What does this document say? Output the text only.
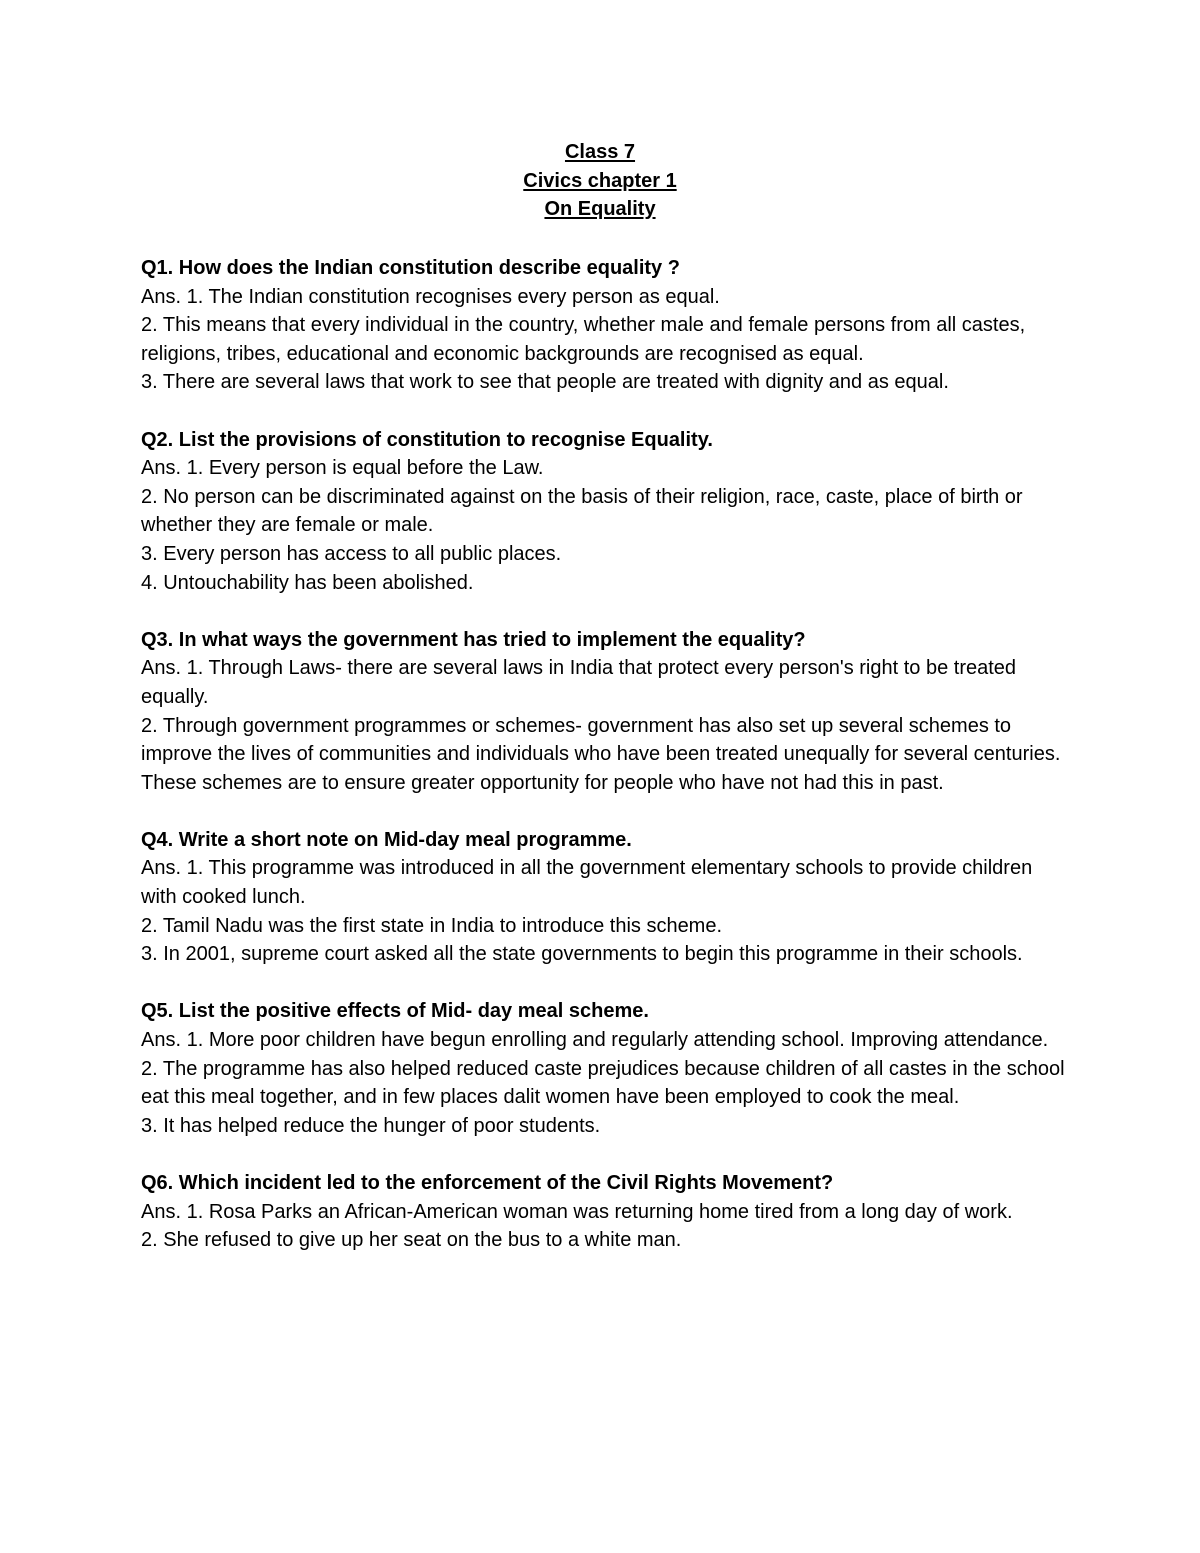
Class 7
Civics chapter 1
On Equality

Q1. How does the Indian constitution describe equality ?

Ans. 1. The Indian constitution recognises every person as equal.

2. This means that every individual in the country, whether male and female persons from all castes, religions, tribes, educational and economic backgrounds are recognised as equal.

3. There are several laws that work to see that people are treated with dignity and as equal.

Q2. List the provisions of constitution to recognise Equality.

Ans. 1. Every person is equal before the Law.

2. No person can be discriminated against on the basis of their religion, race, caste, place of birth or whether they are female or male.

3. Every person has access to all public places.

4. Untouchability has been abolished.

Q3. In what ways the government has tried to implement the equality?

Ans. 1. Through Laws- there are several laws in India that protect every person's right to be treated equally.

2. Through government programmes or schemes- government has also set up several schemes to improve the lives of communities and individuals who have been treated unequally for several centuries. These schemes are to ensure greater opportunity for people who have not had this in past.

Q4. Write a short note on Mid-day meal programme.

Ans. 1. This programme was introduced in all the government elementary schools to provide children with cooked lunch.

2. Tamil Nadu was the first state in India to introduce this scheme.

3. In 2001, supreme court asked all the state governments to begin this programme in their schools.

Q5. List the positive effects of Mid- day meal scheme.

Ans. 1. More poor children have begun enrolling and regularly attending school. Improving attendance.

2. The programme has also helped reduced caste prejudices because children of all castes in the school eat this meal together, and in few places dalit women have been employed to cook the meal.

3. It has helped reduce the hunger of poor students.

Q6. Which incident led to the enforcement of the Civil Rights Movement?

Ans. 1. Rosa Parks an African-American woman was returning home tired from a long day of work.

2. She refused to give up her seat on the bus to a white man.
